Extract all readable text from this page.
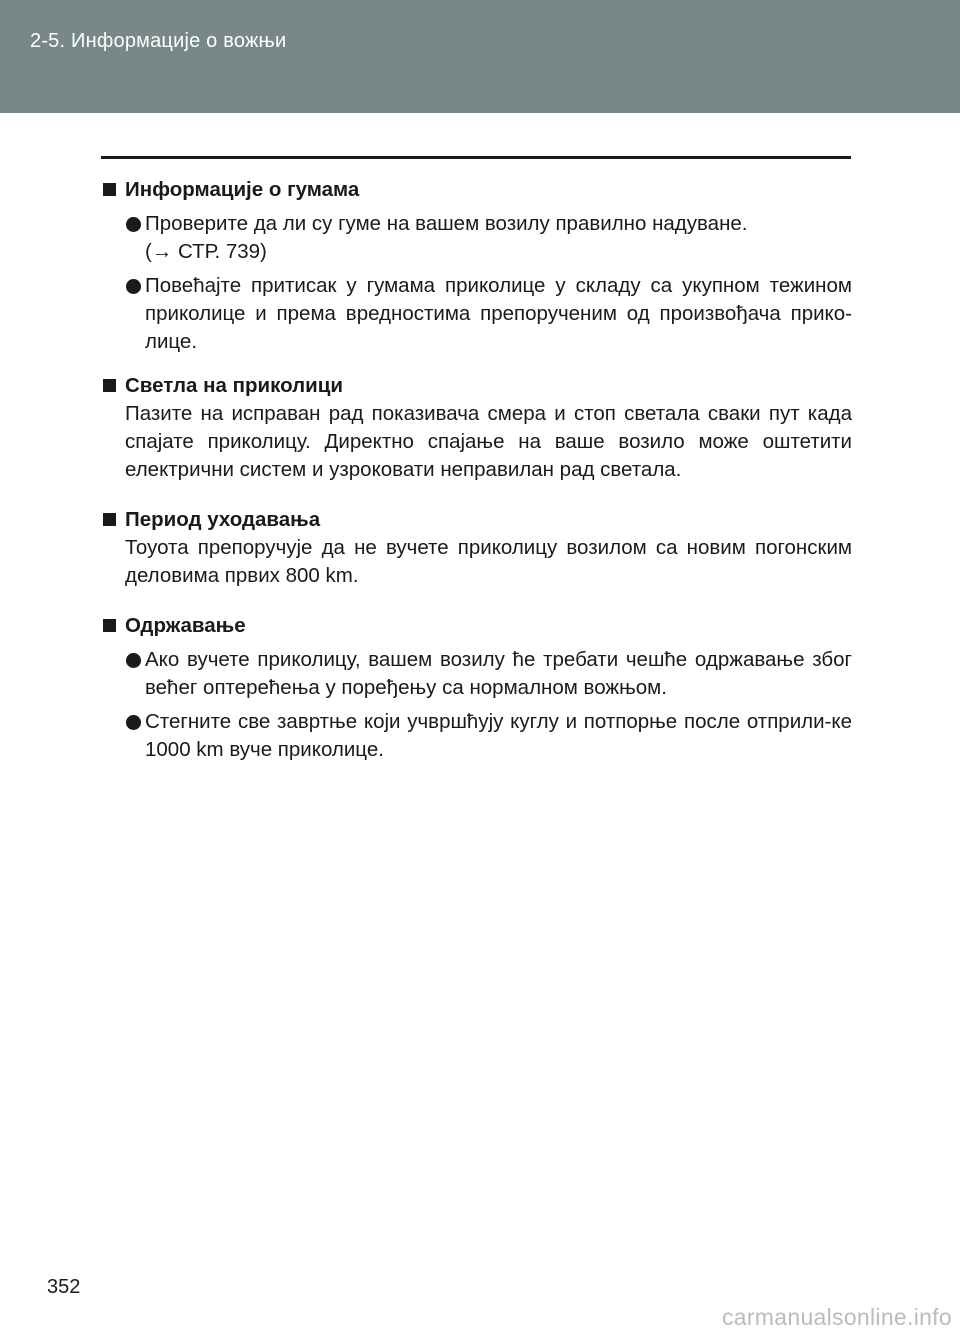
2-5. Информације о вожњи
Информације о гумама
Проверите да ли су гуме на вашем возилу правилно надуване.
(→ СТР. 739)
Повећајте притисак у гумама приколице у складу са укупном тежином приколице и према вредностима препорученим од произвођача прико-лице.
Светла на приколици
Пазите на исправан рад показивача смера и стоп светала сваки пут када спајате приколицу. Директно спајање на ваше возило може оштетити електрични систем и узроковати неправилан рад светала.
Период уходавања
Тоуота препоручује да не вучете приколицу возилом са новим погонским деловима првих 800 km.
Одржавање
Ако вучете приколицу, вашем возилу ће требати чешће одржавање због већег оптерећења у поређењу са нормалном вожњом.
Стегните све завртње који учвршћују куглу и потпорње после отприли-ке 1000 km вуче приколице.
352
carmanualsonline.info
